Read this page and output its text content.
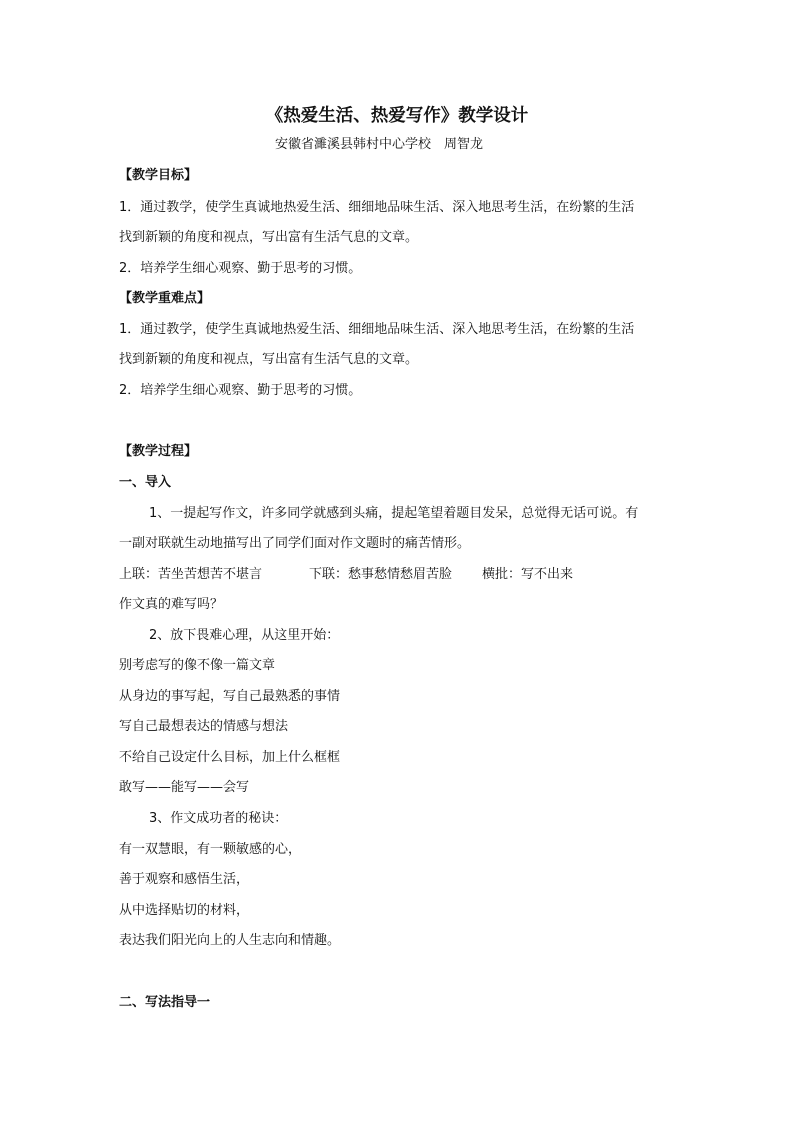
《热爱生活、热爱写作》教学设计
安徽省濉溪县韩村中心学校　周智龙
【教学目标】
1．通过教学，使学生真诚地热爱生活、细细地品味生活、深入地思考生活，在纷繁的生活
找到新颖的角度和视点，写出富有生活气息的文章。
2．培养学生细心观察、勤于思考的习惯。
【教学重难点】
1．通过教学，使学生真诚地热爱生活、细细地品味生活、深入地思考生活，在纷繁的生活
找到新颖的角度和视点，写出富有生活气息的文章。
2．培养学生细心观察、勤于思考的习惯。
【教学过程】
一、导入
1、一提起写作文，许多同学就感到头痛，提起笔望着题目发呆，总觉得无话可说。有
一副对联就生动地描写出了同学们面对作文题时的痛苦情形。
上联：苦坐苦想苦不堪言	下联：愁事愁情愁眉苦脸 横批：写不出来
作文真的难写吗？
2、放下畏难心理，从这里开始：
别考虑写的像不像一篇文章
从身边的事写起，写自己最熟悉的事情
写自己最想表达的情感与想法
不给自己设定什么目标，加上什么框框
敢写——能写——会写
3、作文成功者的秘诀：
有一双慧眼，有一颗敏感的心，
善于观察和感悟生活，
从中选择贴切的材料，
表达我们阳光向上的人生志向和情趣。
二、写法指导一
